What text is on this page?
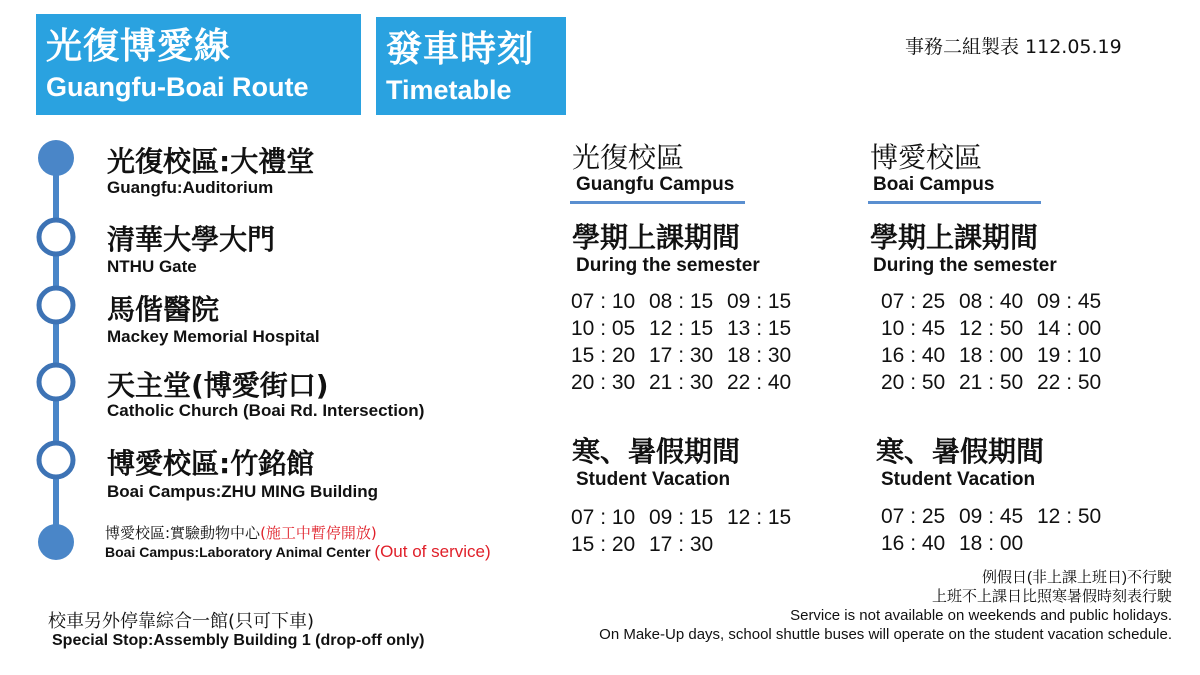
光復博愛線
Guangfu-Boai Route
發車時刻
Timetable
事務二組製表 112.05.19
光復校區:大禮堂
Guangfu:Auditorium
清華大學大門
NTHU Gate
馬偕醫院
Mackey Memorial Hospital
天主堂(博愛街口)
Catholic Church (Boai Rd. Intersection)
博愛校區:竹銘館
Boai Campus:ZHU MING Building
博愛校區:實驗動物中心(施工中暫停開放)
Boai Campus:Laboratory Animal Center (Out of service)
光復校區
Guangfu Campus
學期上課期間
During the semester
07 : 10 08 : 15 09 : 15
10 : 05 12 : 15 13 : 15
15 : 20 17 : 30 18 : 30
20 : 30 21 : 30 22 : 40
寒、暑假期間
Student Vacation
07 : 10 09 : 15 12 : 15
15 : 20 17 : 30
博愛校區
Boai Campus
學期上課期間
During the semester
07 : 25 08 : 40 09 : 45
10 : 45 12 : 50 14 : 00
16 : 40 18 : 00 19 : 10
20 : 50 21 : 50 22 : 50
寒、暑假期間
Student Vacation
07 : 25 09 : 45 12 : 50
16 : 40 18 : 00
例假日(非上課上班日)不行駛
上班不上課日比照寒暑假時刻表行駛
Service is not available on weekends and public holidays.
On Make-Up days, school shuttle buses will operate on the student vacation schedule.
校車另外停靠綜合一館(只可下車)
Special Stop:Assembly Building 1 (drop-off only)
